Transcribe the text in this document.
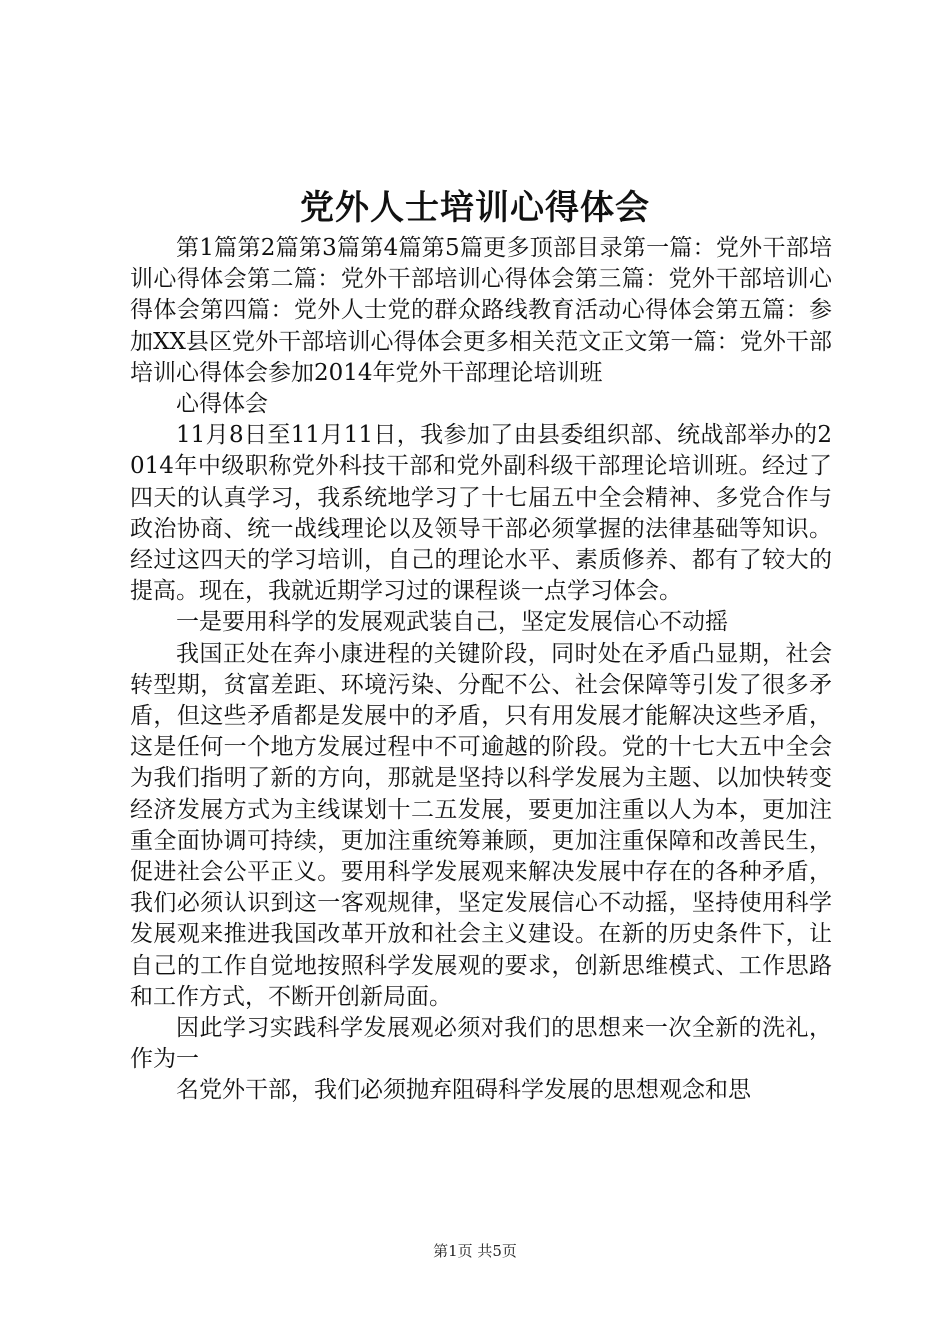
党外人士培训心得体会

第1篇第2篇第3篇第4篇第5篇更多顶部目录第一篇：党外干部培训心得体会第二篇：党外干部培训心得体会第三篇：党外干部培训心得体会第四篇：党外人士党的群众路线教育活动心得体会第五篇：参加XX县区党外干部培训心得体会更多相关范文正文第一篇：党外干部培训心得体会参加2014年党外干部理论培训班

心得体会

11月8日至11月11日，我参加了由县委组织部、统战部举办的2014年中级职称党外科技干部和党外副科级干部理论培训班。经过了四天的认真学习，我系统地学习了十七届五中全会精神、多党合作与政治协商、统一战线理论以及领导干部必须掌握的法律基础等知识。经过这四天的学习培训，自己的理论水平、素质修养、都有了较大的提高。现在，我就近期学习过的课程谈一点学习体会。

一是要用科学的发展观武装自己，坚定发展信心不动摇

我国正处在奔小康进程的关键阶段，同时处在矛盾凸显期，社会转型期，贫富差距、环境污染、分配不公、社会保障等引发了很多矛盾，但这些矛盾都是发展中的矛盾，只有用发展才能解决这些矛盾，这是任何一个地方发展过程中不可逾越的阶段。党的十七大五中全会为我们指明了新的方向，那就是坚持以科学发展为主题、以加快转变经济发展方式为主线谋划十二五发展，要更加注重以人为本，更加注重全面协调可持续，更加注重统筹兼顾，更加注重保障和改善民生，促进社会公平正义。要用科学发展观来解决发展中存在的各种矛盾，我们必须认识到这一客观规律，坚定发展信心不动摇，坚持使用科学发展观来推进我国改革开放和社会主义建设。在新的历史条件下，让自己的工作自觉地按照科学发展观的要求，创新思维模式、工作思路和工作方式，不断开创新局面。

因此学习实践科学发展观必须对我们的思想来一次全新的洗礼，作为一

名党外干部，我们必须抛弃阻碍科学发展的思想观念和思

第1页 共5页
